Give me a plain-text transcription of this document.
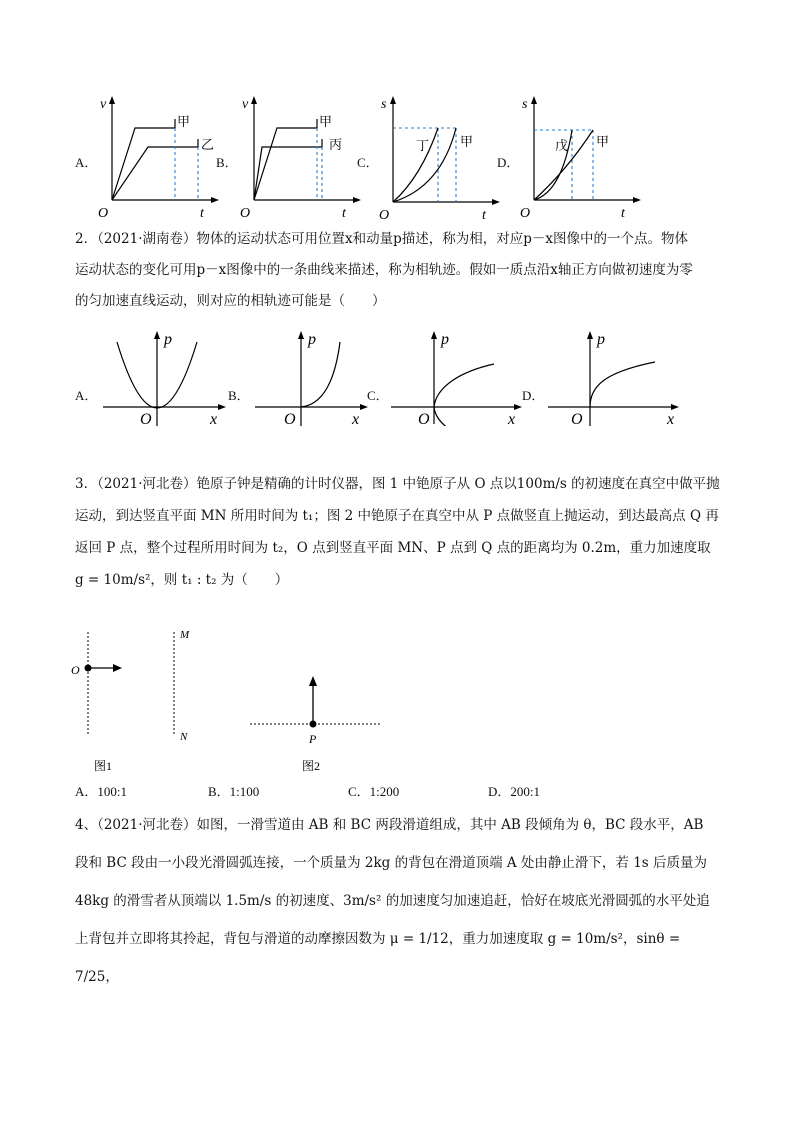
A．	B．	C．	D．
v
t
O
甲
乙
v
t
O
甲
丙
s
t
O
丁 甲
s
t
O
戊 甲
2．（2021·湖南卷）物体的运动状态可用位置x和动量p描述，称为相，对应p－x图像中的一个点。物体
运动状态的变化可用p－x图像中的一条曲线来描述，称为相轨迹。假如一质点沿x轴正方向做初速度为零
的匀加速直线运动，则对应的相轨迹可能是（　　）
A．	B．	C．	D．
p
x
O
p
x
O
p
x
O
p
x
O
3．（2021·河北卷）铯原子钟是精确的计时仪器，图 1 中铯原子从 O 点以100m/s 的初速度在真空中做平抛
运动，到达竖直平面 MN 所用时间为 t₁；图 2 中铯原子在真空中从 P 点做竖直上抛运动，到达最高点 Q 再
返回 P 点，整个过程所用时间为 t₂，O 点到竖直平面 MN、P 点到 Q 点的距离均为 0.2m，重力加速度取
g = 10m/s²，则 t₁ : t₂ 为（　　）
O
M
N
图1
P
图2
A．100:1	B．1:100	C．1:200	D．200:1
4、（2021·河北卷）如图，一滑雪道由 AB 和 BC 两段滑道组成，其中 AB 段倾角为 θ，BC 段水平，AB
段和 BC 段由一小段光滑圆弧连接，一个质量为 2kg 的背包在滑道顶端 A 处由静止滑下，若 1s 后质量为
48kg 的滑雪者从顶端以 1.5m/s 的初速度、3m/s² 的加速度匀加速追赶，恰好在坡底光滑圆弧的水平处追
上背包并立即将其拎起，背包与滑道的动摩擦因数为 μ = 1/12，重力加速度取 g = 10m/s²，sinθ = 7/25，
